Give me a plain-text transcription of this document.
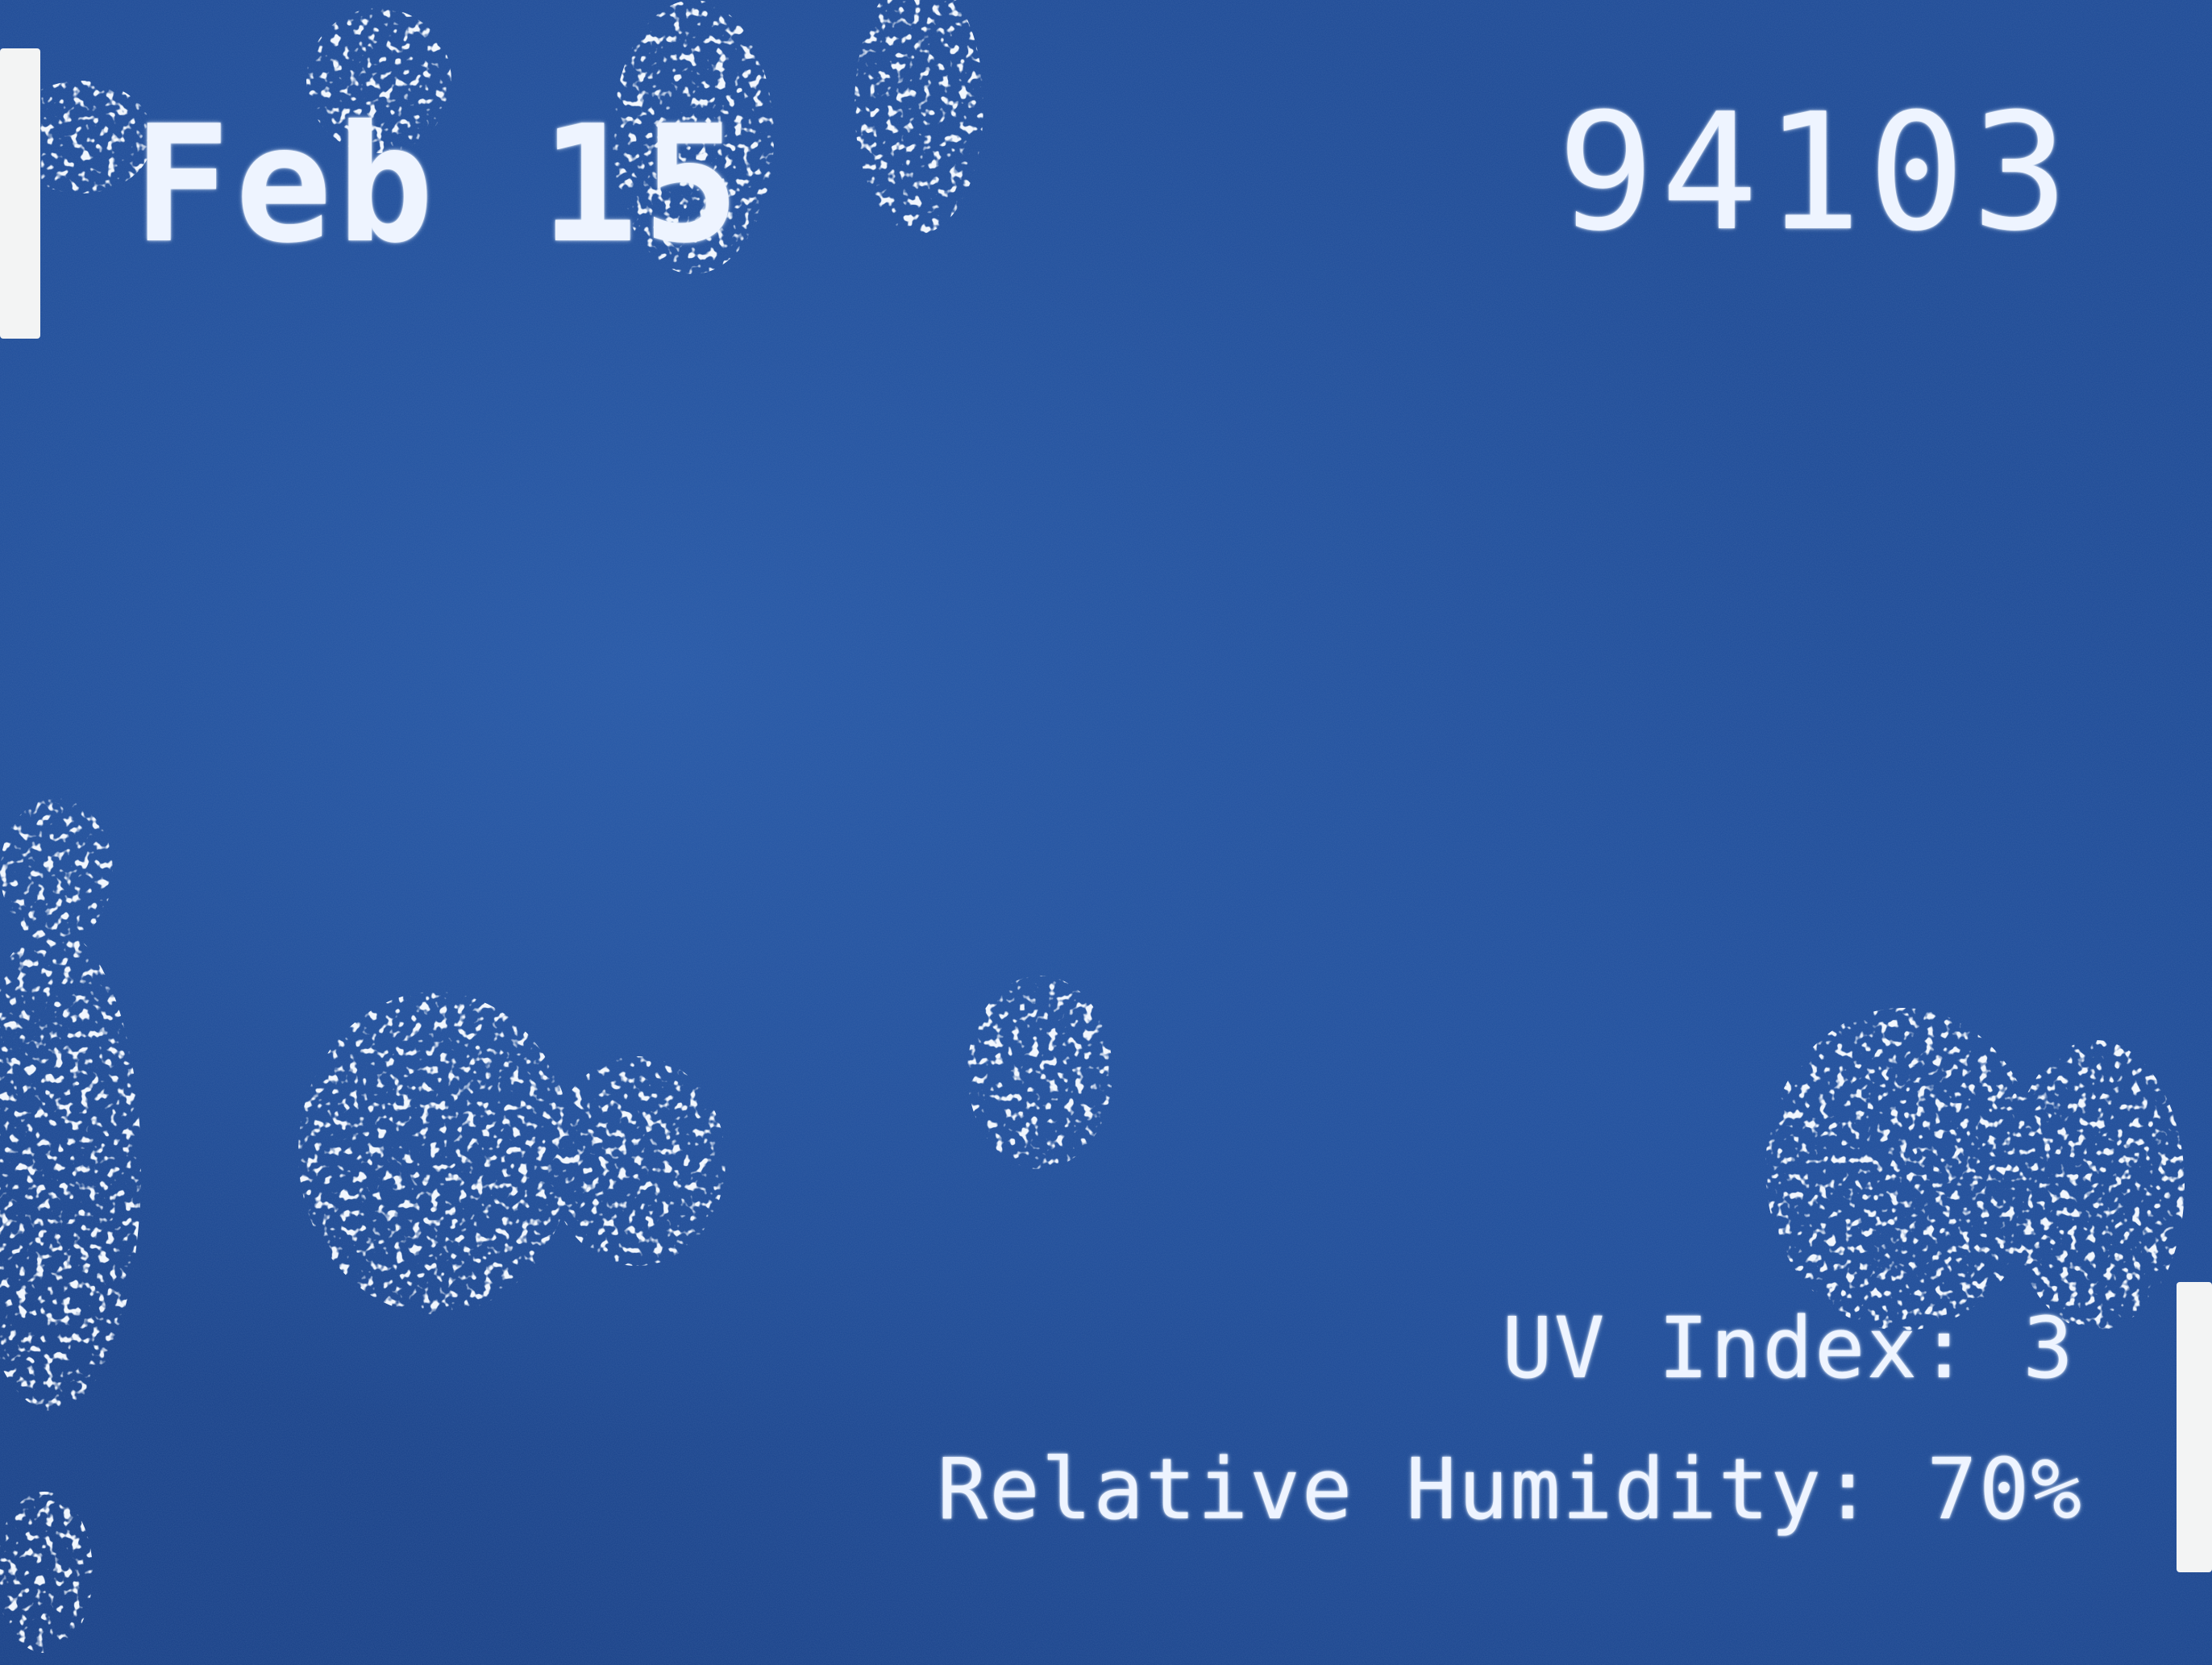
Feb 15	94103
UV Index: 3
Relative Humidity: 70%
